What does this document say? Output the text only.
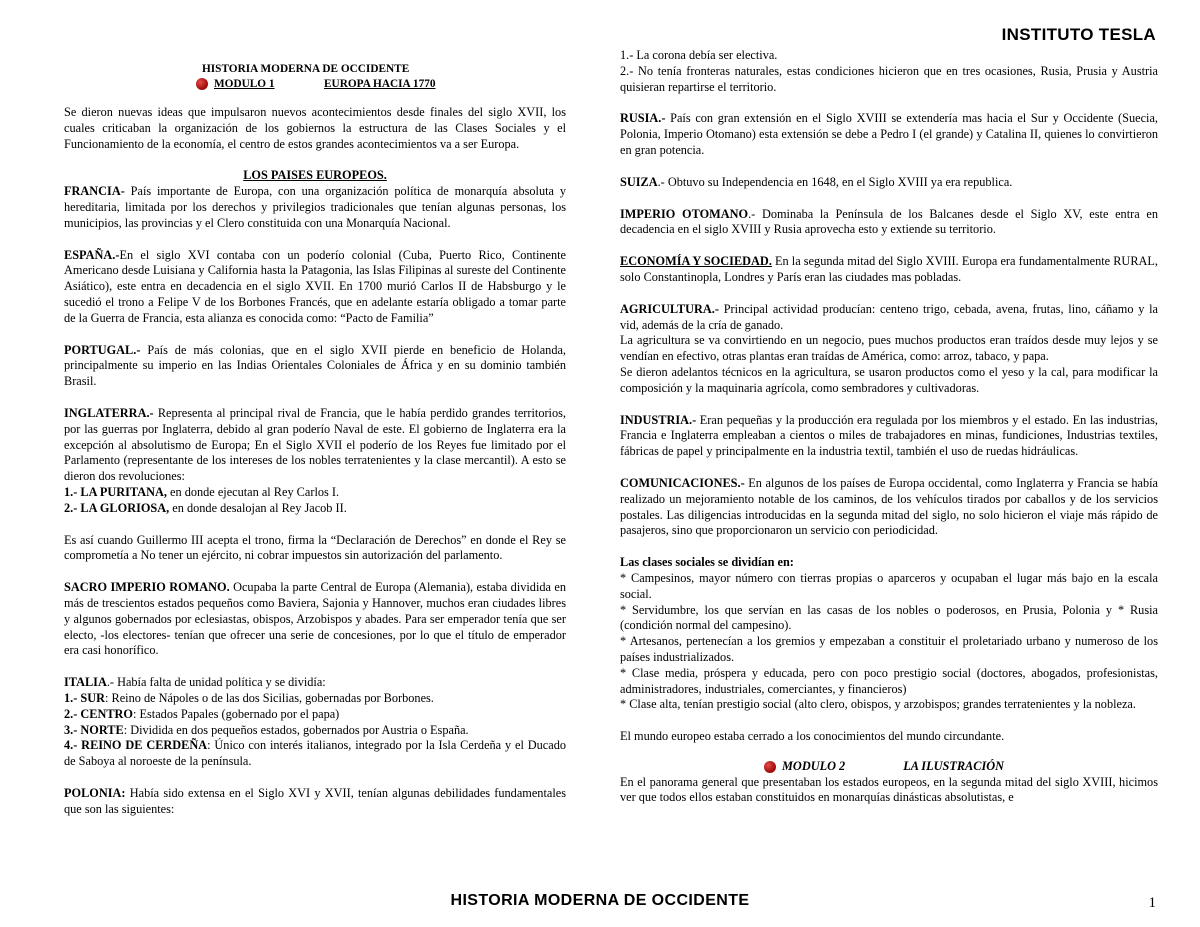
INSTITUTO TESLA
HISTORIA MODERNA DE OCCIDENTE
MODULO 1	EUROPA HACIA 1770

Se dieron nuevas ideas que impulsaron nuevos acontecimientos desde finales del siglo XVII, los cuales criticaban la organización de los gobiernos la estructura de las Clases Sociales y el Funcionamiento de la economía, el centro de estos grandes acontecimientos va a ser Europa.

LOS PAISES EUROPEOS.

FRANCIA- País importante de Europa, con una organización política de monarquía absoluta y hereditaria, limitada por los derechos y privilegios tradicionales que tenían algunas personas, los municipios, las provincias y el Clero constituida con una Monarquía Nacional.

ESPAÑA.-En el siglo XVI contaba con un poderío colonial (Cuba, Puerto Rico, Continente Americano desde Luisiana y California hasta la Patagonia, las Islas Filipinas al sureste del Continente Asiático), este entra en decadencia en el siglo XVII. En 1700 murió Carlos II de Habsburgo y le sucedió el trono a Felipe V de los Borbones Francés, que en adelante estaría obligado a tomar parte de la Guerra de Francia, esta alianza es conocida como: “Pacto de Familia”

PORTUGAL.- País de más colonias, que en el siglo XVII pierde en beneficio de Holanda, principalmente su imperio en las Indias Orientales Coloniales de África y en su dominio también Brasil.

INGLATERRA.- Representa al principal rival de Francia, que le había perdido grandes territorios, por las guerras por Inglaterra, debido al gran poderío Naval de este. El gobierno de Inglaterra era la excepción al absolutismo de Europa; En el Siglo XVII el poderío de los Reyes fue limitado por el Parlamento (representante de los intereses de los nobles terratenientes y la clase mercantil). A esto se dieron dos revoluciones:

1.- LA PURITANA, en donde ejecutan al Rey Carlos I.
2.- LA GLORIOSA, en donde desalojan al Rey Jacob II.

Es así cuando Guillermo III acepta el trono, firma la “Declaración de Derechos” en donde el Rey se comprometía a No tener un ejército, ni cobrar impuestos sin autorización del parlamento.

SACRO IMPERIO ROMANO. Ocupaba la parte Central de Europa (Alemania), estaba dividida en más de trescientos estados pequeños como Baviera, Sajonia y Hannover, muchos eran ciudades libres y algunos gobernados por eclesiastas, obispos, Arzobispos y abades. Para ser emperador tenía que ser electo, -los electores- tenían que ofrecer una serie de concesiones, por lo que el título de emperador era casi honorífico.

ITALIA.- Había falta de unidad política y se dividía:
1.- SUR: Reino de Nápoles o de las dos Sicilias, gobernadas por Borbones.
2.- CENTRO: Estados Papales (gobernado por el papa)
3.- NORTE: Dividida en dos pequeños estados, gobernados por Austria o España.

4.- REINO DE CERDEÑA: Único con interés italianos, integrado por la Isla Cerdeña y el Ducado de Saboya al noroeste de la península.

POLONIA: Había sido extensa en el Siglo XVI y XVII, tenían algunas debilidades fundamentales que son las siguientes:

1.- La corona debía ser electiva.

2.- No tenía fronteras naturales, estas condiciones hicieron que en tres ocasiones, Rusia, Prusia y Austria quisieran repartirse el territorio.

RUSIA.- País con gran extensión en el Siglo XVIII se extendería mas hacia el Sur y Occidente (Suecia, Polonia, Imperio Otomano) esta extensión se debe a Pedro I (el grande) y Catalina II, quienes lo convirtieron en gran potencia.

SUIZA.- Obtuvo su Independencia en 1648, en el Siglo XVIII ya era republica.

IMPERIO OTOMANO.- Dominaba la Península de los Balcanes desde el Siglo XV, este entra en decadencia en el siglo XVIII y Rusia aprovecha esto y extiende su territorio.

ECONOMÍA Y SOCIEDAD. En la segunda mitad del Siglo XVIII. Europa era fundamentalmente RURAL, solo Constantinopla, Londres y París eran las ciudades mas pobladas.

AGRICULTURA.- Principal actividad producían: centeno trigo, cebada, avena, frutas, lino, cáñamo y la vid, además de la cría de ganado.
La agricultura se va convirtiendo en un negocio, pues muchos productos eran traídos desde muy lejos y se vendían en efectivo, otras plantas eran traídas de América, como: arroz, tabaco, y papa.

Se dieron adelantos técnicos en la agricultura, se usaron productos como el yeso y la cal, para modificar la composición y la maquinaria agrícola, como sembradores y cultivadoras.

INDUSTRIA.- Eran pequeñas y la producción era regulada por los miembros y el estado. En las industrias, Francia e Inglaterra empleaban a cientos o miles de trabajadores en minas, fundiciones, Industrias textiles, fábricas de papel y principalmente en la industria textil, también el uso de ruedas hidráulicas.

COMUNICACIONES.- En algunos de los países de Europa occidental, como Inglaterra y Francia se había realizado un mejoramiento notable de los caminos, de los vehículos tirados por caballos y de los servicios postales. Las diligencias introducidas en la segunda mitad del siglo, no solo hicieron el viaje más rápido de pasajeros, sino que proporcionaron un servicio con periodicidad.

Las clases sociales se dividían en:
* Campesinos, mayor número con tierras propias o aparceros y ocupaban el lugar más bajo en la escala social.
* Servidumbre, los que servían en las casas de los nobles o poderosos, en Prusia, Polonia y * Rusia (condición normal del campesino).
* Artesanos, pertenecían a los gremios y empezaban a constituir el proletariado urbano y numeroso de los países industrializados.
* Clase media, próspera y educada, pero con poco prestigio social (doctores, abogados, profesionistas, administradores, industriales, comerciantes, y financieros)

* Clase alta, tenían prestigio social (alto clero, obispos, y arzobispos; grandes terratenientes y la nobleza.

El mundo europeo estaba cerrado a los conocimientos del mundo circundante.

MODULO 2	LA ILUSTRACIÓN

En el panorama general que presentaban los estados europeos, en la segunda mitad del siglo XVIII, hicimos ver que todos ellos estaban constituidos en monarquías dinásticas absolutistas, e

HISTORIA MODERNA DE OCCIDENTE	1
